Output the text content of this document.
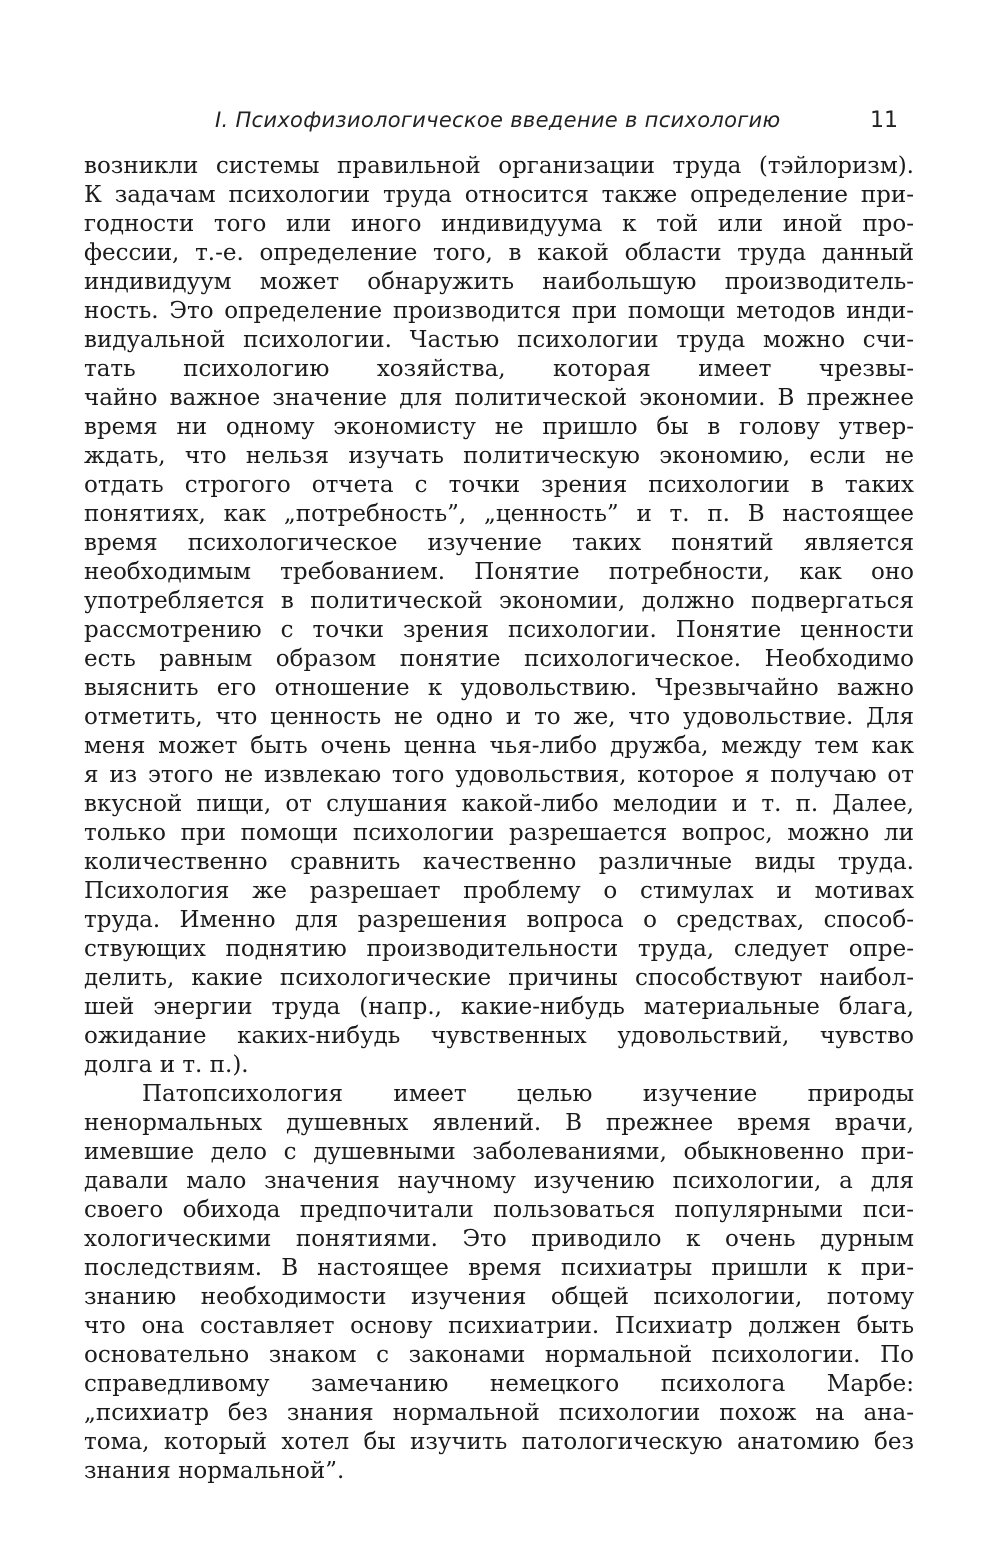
I. Психофизиологическое введение в психологию	11
возникли системы правильной организации труда (тэйлоризм).
К задачам психологии труда относится также определение при-
годности того или иного индивидуума к той или иной про-
фессии, т.-е. определение того, в какой области труда данный
индивидуум может обнаружить наибольшую производитель-
ность. Это определение производится при помощи методов инди-
видуальной психологии. Частью психологии труда можно счи-
тать психологию хозяйства, которая имеет чрезвы-
чайно важное значение для политической экономии. В прежнее
время ни одному экономисту не пришло бы в голову утвер-
ждать, что нельзя изучать политическую экономию, если не
отдать строгого отчета с точки зрения психологии в таких
понятиях, как „потребность”, „ценность” и т. п. В настоящее
время психологическое изучение таких понятий является
необходимым требованием. Понятие потребности, как оно
употребляется в политической экономии, должно подвергаться
рассмотрению с точки зрения психологии. Понятие ценности
есть равным образом понятие психологическое. Необходимо
выяснить его отношение к удовольствию. Чрезвычайно важно
отметить, что ценность не одно и то же, что удовольствие. Для
меня может быть очень ценна чья-либо дружба, между тем как
я из этого не извлекаю того удовольствия, которое я получаю от
вкусной пищи, от слушания какой-либо мелодии и т. п. Далее,
только при помощи психологии разрешается вопрос, можно ли
количественно сравнить качественно различные виды труда.
Психология же разрешает проблему о стимулах и мотивах
труда. Именно для разрешения вопроса о средствах, способ-
ствующих поднятию производительности труда, следует опре-
делить, какие психологические причины способствуют наибол-
шей энергии труда (напр., какие-нибудь материальные блага,
ожидание каких-нибудь чувственных удовольствий, чувство
долга и т. п.).
Патопсихология имеет целью изучение природы
ненормальных душевных явлений. В прежнее время врачи,
имевшие дело с душевными заболеваниями, обыкновенно при-
давали мало значения научному изучению психологии, а для
своего обихода предпочитали пользоваться популярными пси-
хологическими понятиями. Это приводило к очень дурным
последствиям. В настоящее время психиатры пришли к при-
знанию необходимости изучения общей психологии, потому
что она составляет основу психиатрии. Психиатр должен быть
основательно знаком с законами нормальной психологии. По
справедливому замечанию немецкого психолога Марбе:
„психиатр без знания нормальной психологии похож на ана-
тома, который хотел бы изучить патологическую анатомию без
знания нормальной”.
